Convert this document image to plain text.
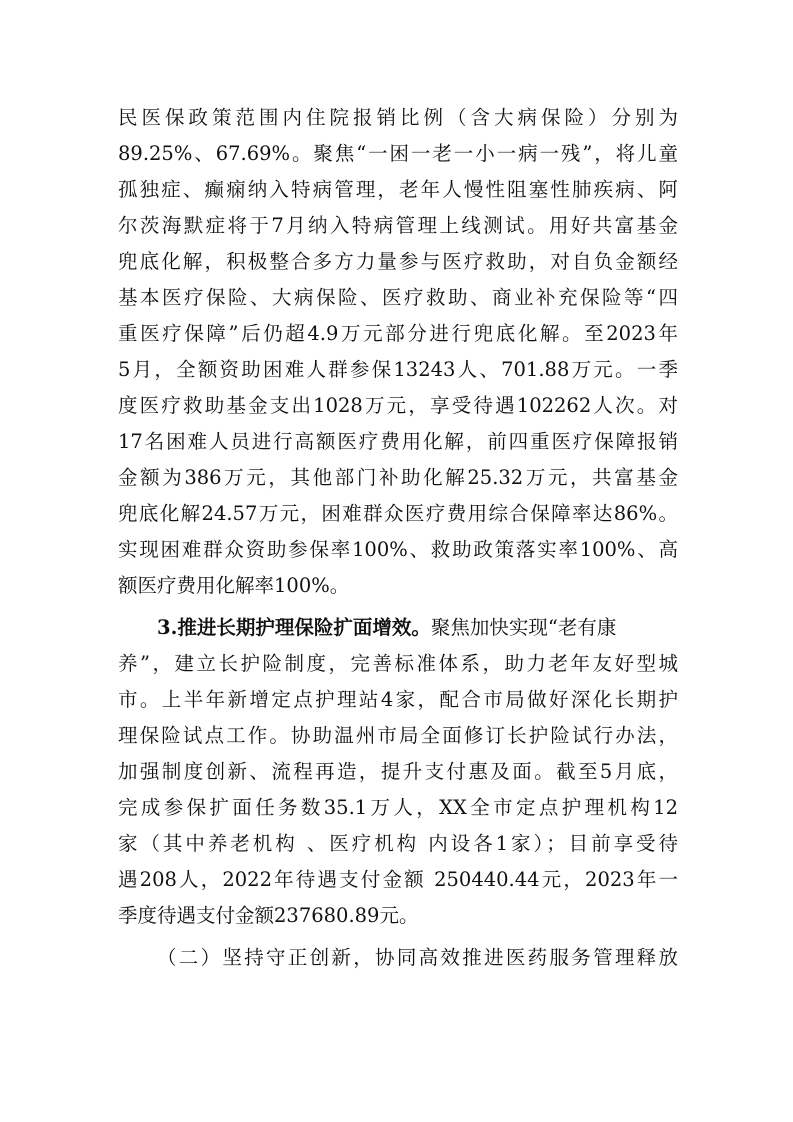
民医保政策范围内住院报销比例（含大病保险）分别为
89.25%、67.69%。聚焦“一困一老一小一病一残”，将儿童
孤独症、癫痫纳入特病管理，老年人慢性阻塞性肺疾病、阿
尔茨海默症将于7月纳入特病管理上线测试。用好共富基金
兜底化解，积极整合多方力量参与医疗救助，对自负金额经
基本医疗保险、大病保险、医疗救助、商业补充保险等“四
重医疗保障”后仍超4.9万元部分进行兜底化解。至2023年
5月，全额资助困难人群参保13243人、701.88万元。一季
度医疗救助基金支出1028万元，享受待遇102262人次。对
17名困难人员进行高额医疗费用化解，前四重医疗保障报销
金额为386万元，其他部门补助化解25.32万元，共富基金
兜底化解24.57万元，困难群众医疗费用综合保障率达86%。
实现困难群众资助参保率100%、救助政策落实率100%、高
额医疗费用化解率100%。
3.推进长期护理保险扩面增效。聚焦加快实现“老有康
养”，建立长护险制度，完善标准体系，助力老年友好型城
市。上半年新增定点护理站4家，配合市局做好深化长期护
理保险试点工作。协助温州市局全面修订长护险试行办法，
加强制度创新、流程再造，提升支付惠及面。截至5月底，
完成参保扩面任务数35.1万人，XX全市定点护理机构12
家（其中养老机构 、医疗机构 内设各1家）；目前享受待
遇208人，2022年待遇支付金额 250440.44元，2023年一
季度待遇支付金额237680.89元。
（二）坚持守正创新，协同高效推进医药服务管理释放
